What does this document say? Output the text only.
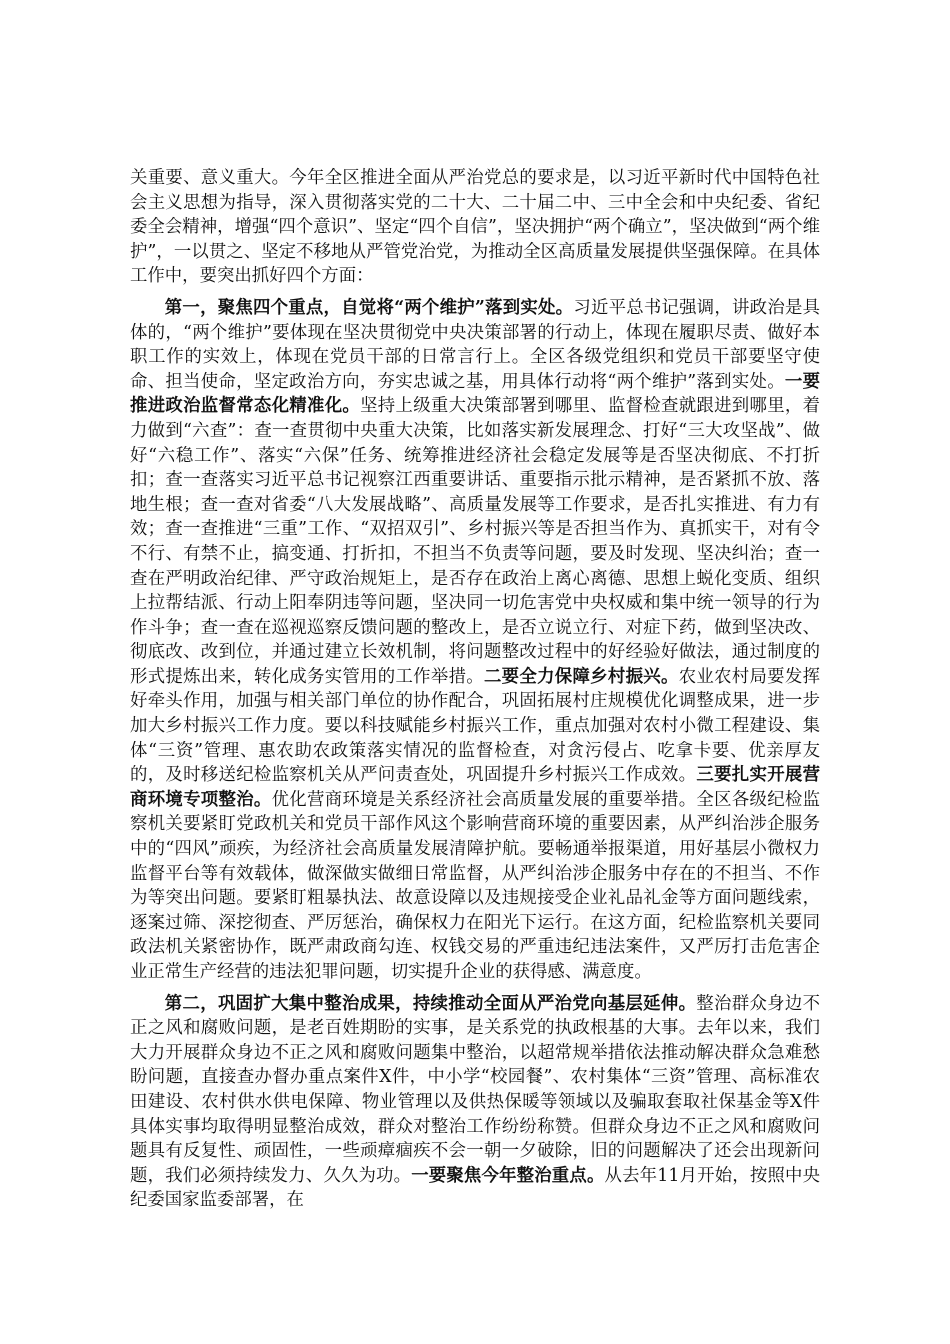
关重要、意义重大。今年全区推进全面从严治党总的要求是，以习近平新时代中国特色社会主义思想为指导，深入贯彻落实党的二十大、二十届二中、三中全会和中央纪委、省纪委全会精神，增强“四个意识”、坚定“四个自信”，坚决拥护“两个确立”，坚决做到“两个维护”，一以贯之、坚定不移地从严管党治党，为推动全区高质量发展提供坚强保障。在具体工作中，要突出抓好四个方面：

第一，聚焦四个重点，自觉将“两个维护”落到实处。习近平总书记强调，讲政治是具体的，“两个维护”要体现在坚决贯彻党中央决策部署的行动上，体现在履职尽责、做好本职工作的实效上，体现在党员干部的日常言行上。全区各级党组织和党员干部要坚守使命、担当使命，坚定政治方向，夯实忠诚之基，用具体行动将“两个维护”落到实处。一要推进政治监督常态化精准化。坚持上级重大决策部署到哪里、监督检查就跟进到哪里，着力做到“六查”：查一查贯彻中央重大决策，比如落实新发展理念、打好“三大攻坚战”、做好“六稳工作”、落实“六保”任务、统筹推进经济社会稳定发展等是否坚决彻底、不打折扣；查一查落实习近平总书记视察江西重要讲话、重要指示批示精神，是否紧抓不放、落地生根；查一查对省委“八大发展战略”、高质量发展等工作要求，是否扎实推进、有力有效；查一查推进“三重”工作、“双招双引”、乡村振兴等是否担当作为、真抓实干，对有令不行、有禁不止，搞变通、打折扣，不担当不负责等问题，要及时发现、坚决纠治；查一查在严明政治纪律、严守政治规矩上，是否存在政治上离心离德、思想上蜕化变质、组织上拉帮结派、行动上阳奉阴违等问题，坚决同一切危害党中央权威和集中统一领导的行为作斗争；查一查在巡视巡察反馈问题的整改上，是否立说立行、对症下药，做到坚决改、彻底改、改到位，并通过建立长效机制，将问题整改过程中的好经验好做法，通过制度的形式提炼出来，转化成务实管用的工作举措。二要全力保障乡村振兴。农业农村局要发挥好牵头作用，加强与相关部门单位的协作配合，巩固拓展村庄规模优化调整成果，进一步加大乡村振兴工作力度。要以科技赋能乡村振兴工作，重点加强对农村小微工程建设、集体“三资”管理、惠农助农政策落实情况的监督检查，对贪污侵占、吃拿卡要、优亲厚友的，及时移送纪检监察机关从严问责查处，巩固提升乡村振兴工作成效。三要扎实开展营商环境专项整治。优化营商环境是关系经济社会高质量发展的重要举措。全区各级纪检监察机关要紧盯党政机关和党员干部作风这个影响营商环境的重要因素，从严纠治涉企服务中的“四风”顽疾，为经济社会高质量发展清障护航。要畅通举报渠道，用好基层小微权力监督平台等有效载体，做深做实做细日常监督，从严纠治涉企服务中存在的不担当、不作为等突出问题。要紧盯粗暴执法、故意设障以及违规接受企业礼品礼金等方面问题线索，逐案过筛、深挖彻查、严厉惩治，确保权力在阳光下运行。在这方面，纪检监察机关要同政法机关紧密协作，既严肃政商勾连、权钱交易的严重违纪违法案件，又严厉打击危害企业正常生产经营的违法犯罪问题，切实提升企业的获得感、满意度。

第二，巩固扩大集中整治成果，持续推动全面从严治党向基层延伸。整治群众身边不正之风和腐败问题，是老百姓期盼的实事，是关系党的执政根基的大事。去年以来，我们大力开展群众身边不正之风和腐败问题集中整治，以超常规举措依法推动解决群众急难愁盼问题，直接查办督办重点案件X件，中小学“校园餐”、农村集体“三资”管理、高标准农田建设、农村供水供电保障、物业管理以及供热保暖等领域以及骗取套取社保基金等X件具体实事均取得明显整治成效，群众对整治工作纷纷称赞。但群众身边不正之风和腐败问题具有反复性、顽固性，一些顽瘴痼疾不会一朝一夕破除，旧的问题解决了还会出现新问题，我们必须持续发力、久久为功。一要聚焦今年整治重点。从去年11月开始，按照中央纪委国家监委部署，在
